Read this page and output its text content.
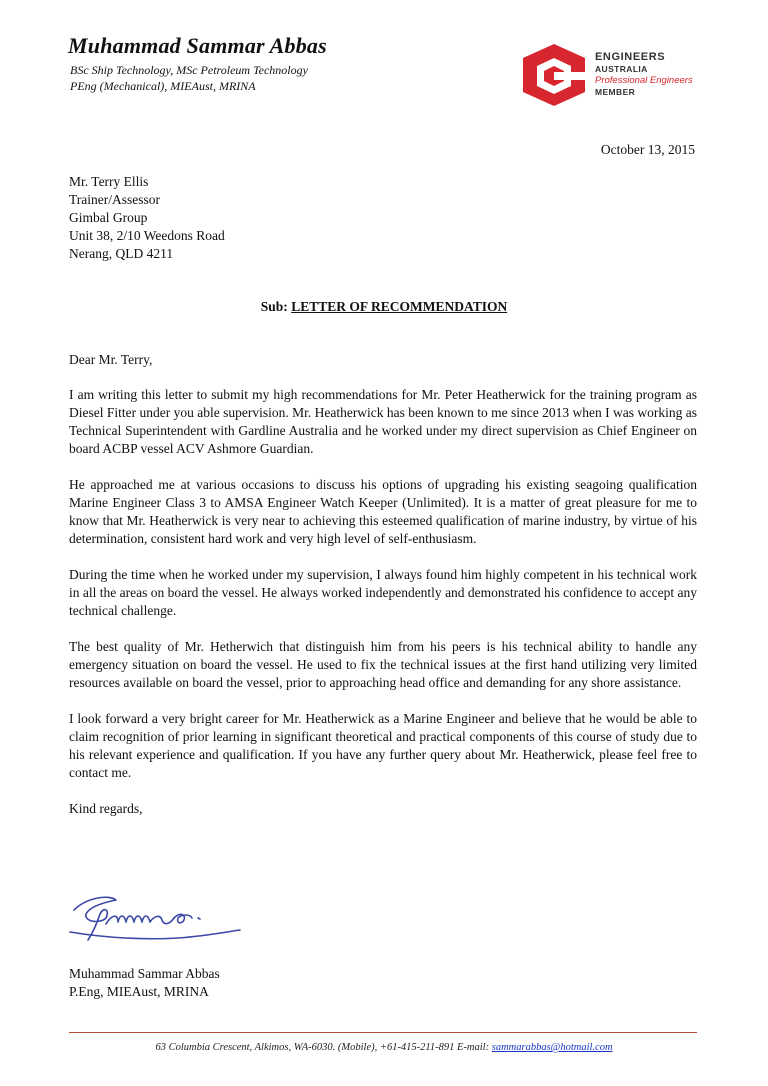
Muhammad Sammar Abbas
BSc Ship Technology, MSc Petroleum Technology
PEng (Mechanical), MIEAust, MRINA
ENGINEERS
AUSTRALIA
Professional Engineers
MEMBER
October 13, 2015
Mr. Terry Ellis
Trainer/Assessor
Gimbal Group
Unit 38, 2/10 Weedons Road
Nerang, QLD 4211
Sub: LETTER OF RECOMMENDATION

Dear Mr. Terry,

I am writing this letter to submit my high recommendations for Mr. Peter Heatherwick for the training program as Diesel Fitter under you able supervision. Mr. Heatherwick has been known to me since 2013 when I was working as Technical Superintendent with Gardline Australia and he worked under my direct supervision as Chief Engineer on board ACBP vessel ACV Ashmore Guardian.

He approached me at various occasions to discuss his options of upgrading his existing seagoing qualification Marine Engineer Class 3 to AMSA Engineer Watch Keeper (Unlimited). It is a matter of great pleasure for me to know that Mr. Heatherwick is very near to achieving this esteemed qualification of marine industry, by virtue of his determination, consistent hard work and very high level of self-enthusiasm.

During the time when he worked under my supervision, I always found him highly competent in his technical work in all the areas on board the vessel. He always worked independently and demonstrated his confidence to accept any technical challenge.

The best quality of Mr. Hetherwich that distinguish him from his peers is his technical ability to handle any emergency situation on board the vessel. He used to fix the technical issues at the first hand utilizing very limited resources available on board the vessel, prior to approaching head office and demanding for any shore assistance.

I look forward a very bright career for Mr. Heatherwick as a Marine Engineer and believe that he would be able to claim recognition of prior learning in significant theoretical and practical components of this course of study due to his relevant experience and qualification. If you have any further query about Mr. Heatherwick, please feel free to contact me.

Kind regards,

Muhammad Sammar Abbas
P.Eng, MIEAust, MRINA
63 Columbia Crescent, Alkimos, WA-6030. (Mobile), +61-415-211-891 E-mail: sammarabbas@hotmail.com
